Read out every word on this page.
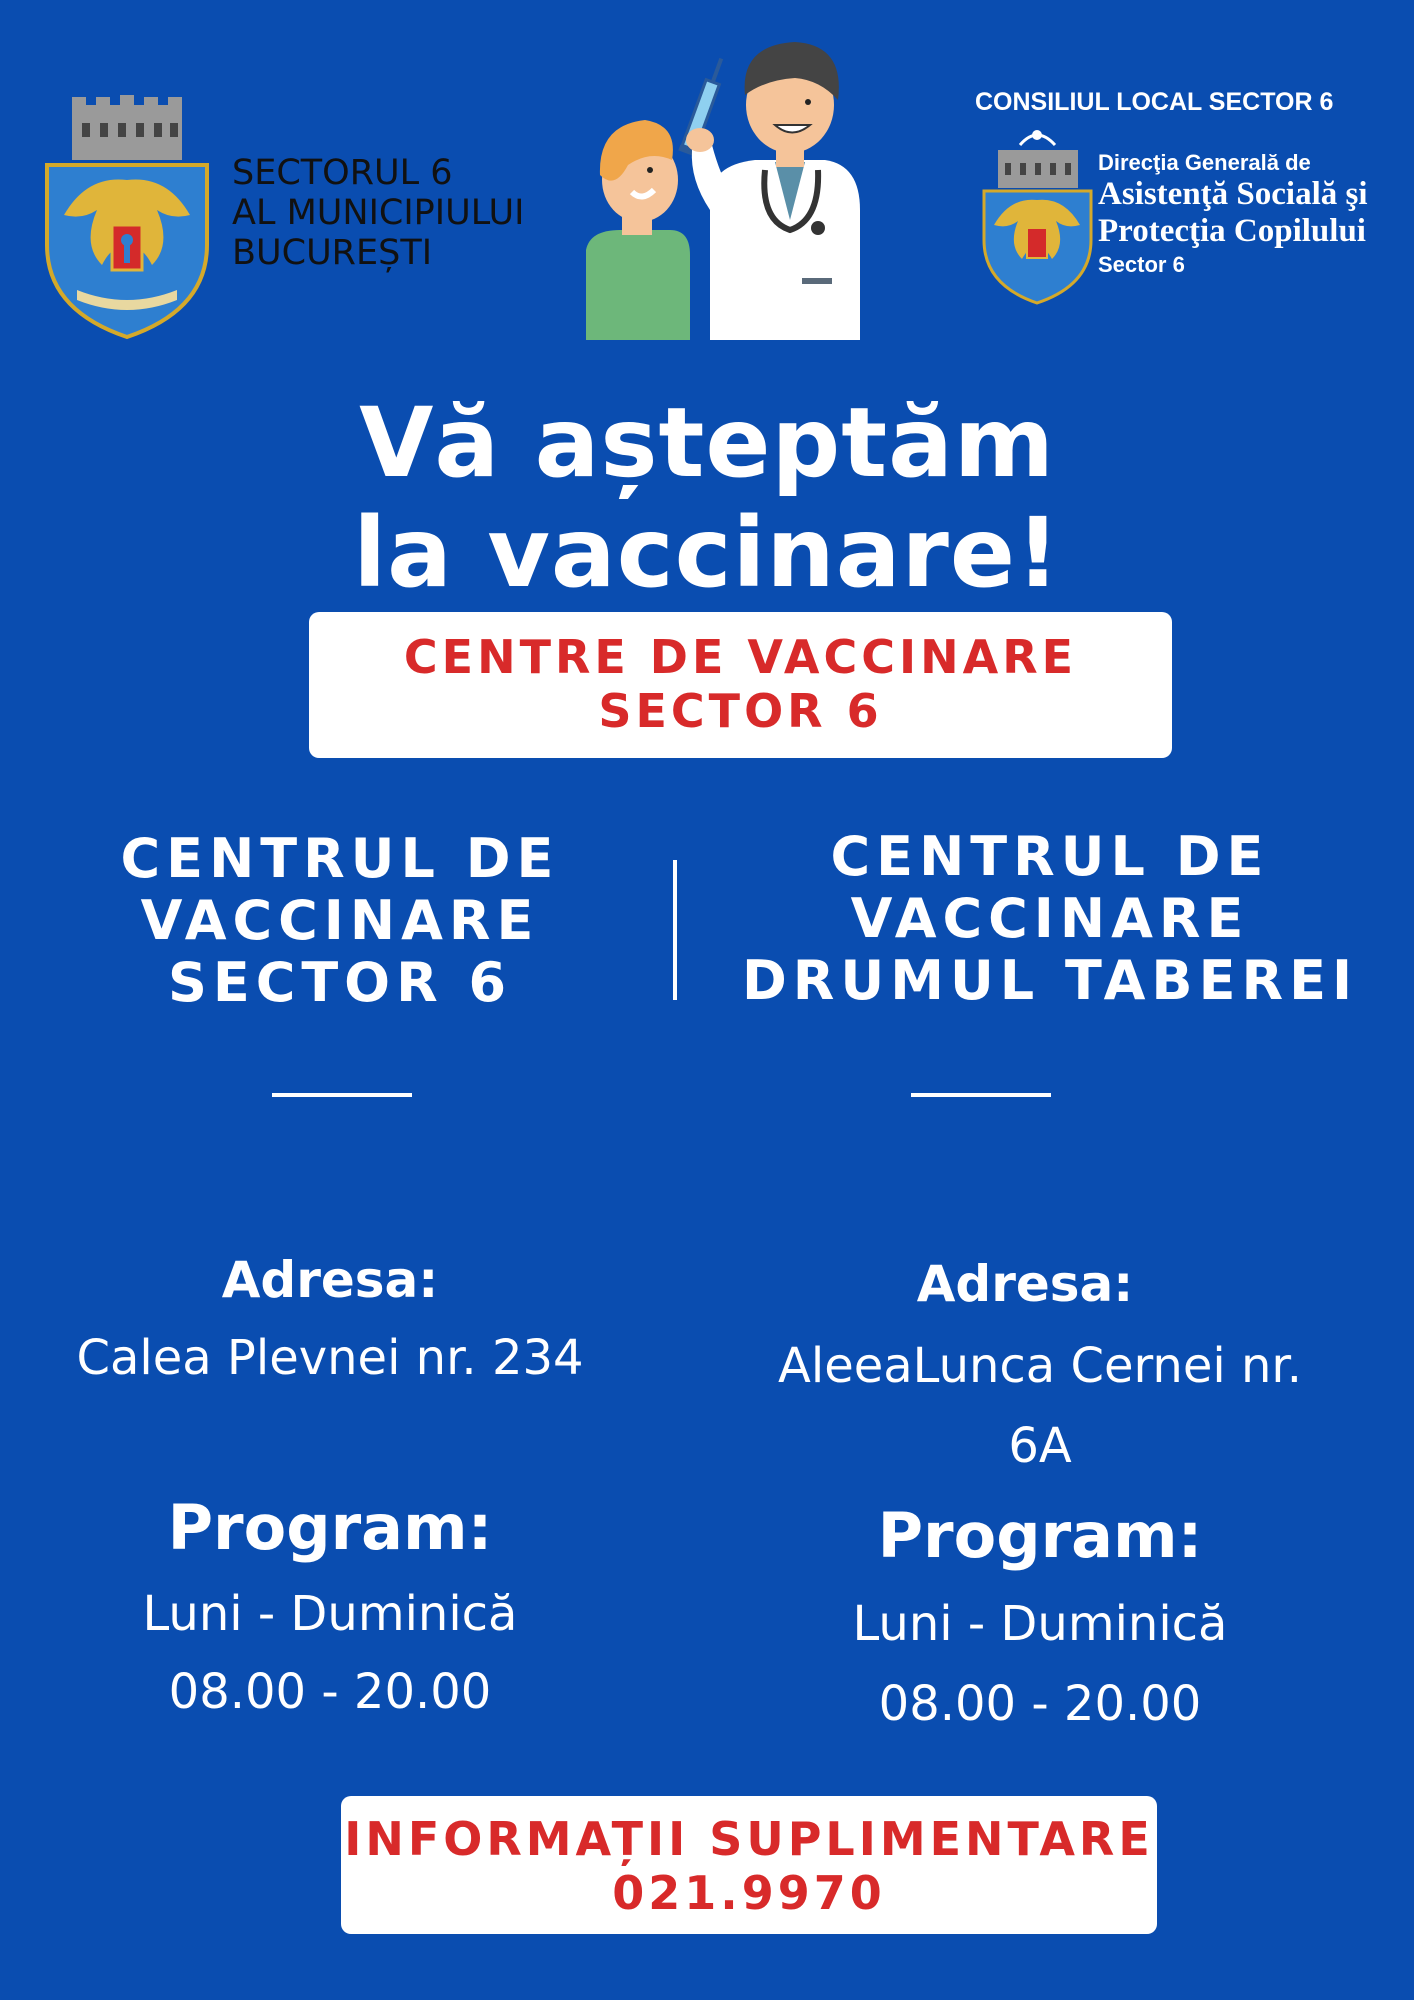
SECTORUL 6
AL MUNICIPIULUI
BUCUREȘTI
CONSILIUL LOCAL SECTOR 6
Direcţia Generală de
Asistenţă Socială şi
Protecţia Copilului
Sector 6
Vă așteptăm
la vaccinare!
CENTRE DE VACCINARE
SECTOR 6
CENTRUL DE
VACCINARE
SECTOR 6
CENTRUL DE
VACCINARE
DRUMUL TABEREI
Adresa:
Calea Plevnei nr. 234
Program:
Luni - Duminică
08.00 - 20.00
Adresa:
AleeaLunca Cernei nr.
6A
Program:
Luni - Duminică
08.00 - 20.00
INFORMAȚII SUPLIMENTARE
021.9970
